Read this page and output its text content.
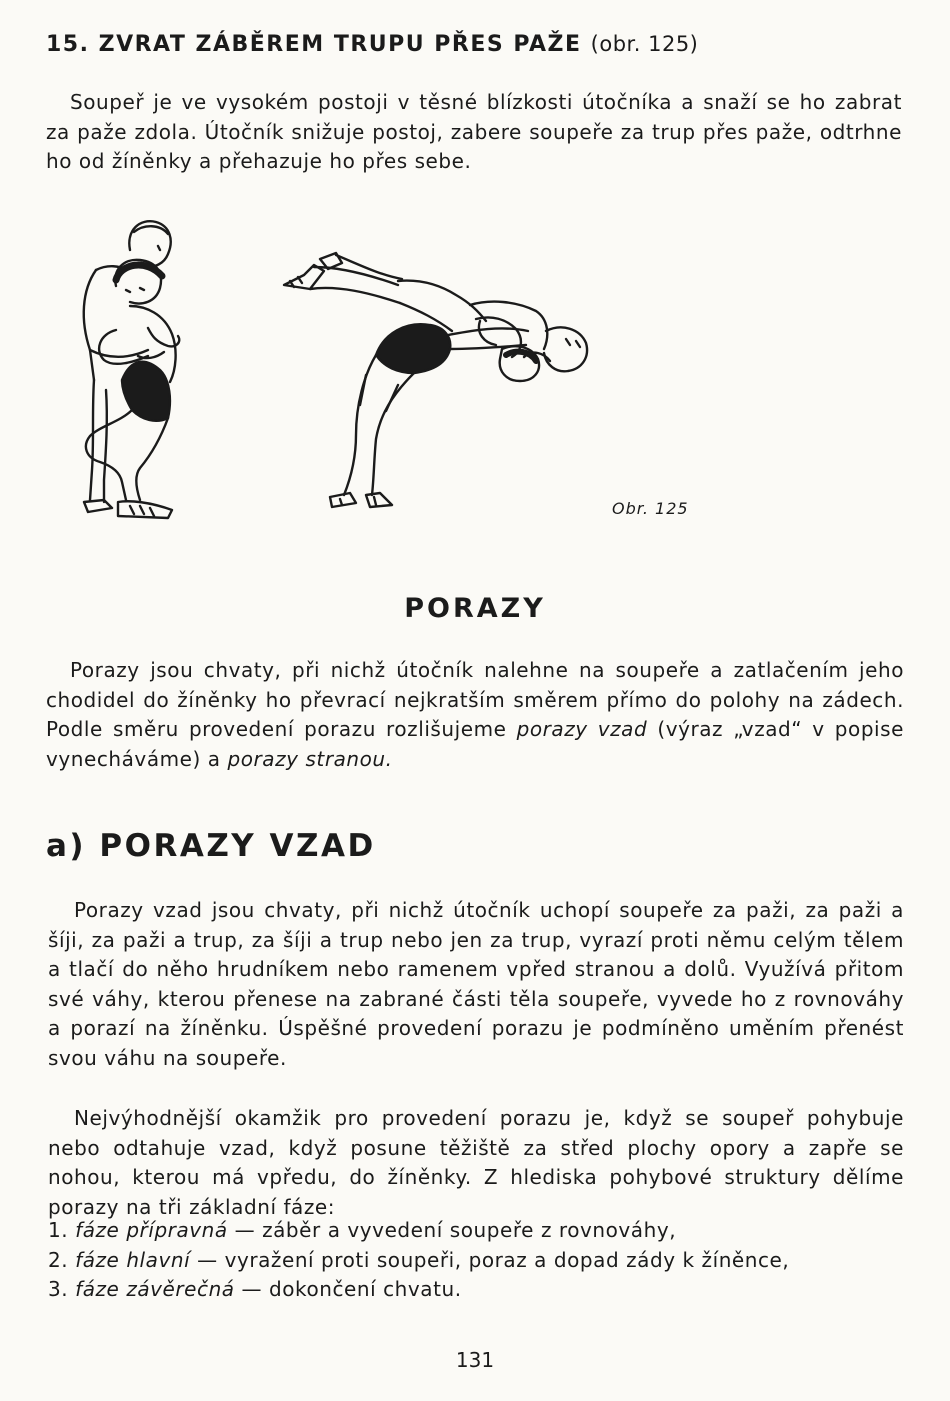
15. ZVRAT ZÁBĚREM TRUPU PŘES PAŽE (obr. 125)

Soupeř je ve vysokém postoji v těsné blízkosti útočníka a snaží se ho zabrat za paže zdola. Útočník snižuje postoj, zabere soupeře za trup přes paže, odtrhne ho od žíněnky a přehazuje ho přes sebe.

Obr. 125
PORAZY

Porazy jsou chvaty, při nichž útočník nalehne na soupeře a zatlačením jeho chodidel do žíněnky ho převrací nejkratším směrem přímo do polohy na zádech. Podle směru provedení porazu rozlišujeme porazy vzad (výraz „vzad“ v popise vynecháváme) a porazy stranou.

a) PORAZY VZAD

Porazy vzad jsou chvaty, při nichž útočník uchopí soupeře za paži, za paži a šíji, za paži a trup, za šíji a trup nebo jen za trup, vyrazí proti němu celým tělem a tlačí do něho hrudníkem nebo ramenem vpřed stranou a dolů. Využívá přitom své váhy, kterou přenese na zabrané části těla soupeře, vyvede ho z rovnováhy a porazí na žíněnku. Úspěšné provedení porazu je podmíněno uměním přenést svou váhu na soupeře.

Nejvýhodnější okamžik pro provedení porazu je, když se soupeř pohybuje nebo odtahuje vzad, když posune těžiště za střed plochy opory a zapře se nohou, kterou má vpředu, do žíněnky. Z hlediska pohybové struktury dělíme porazy na tři základní fáze:

1. fáze přípravná — záběr a vyvedení soupeře z rovnováhy,
2. fáze hlavní — vyražení proti soupeři, poraz a dopad zády k žíněnce,
3. fáze závěrečná — dokončení chvatu.
131
